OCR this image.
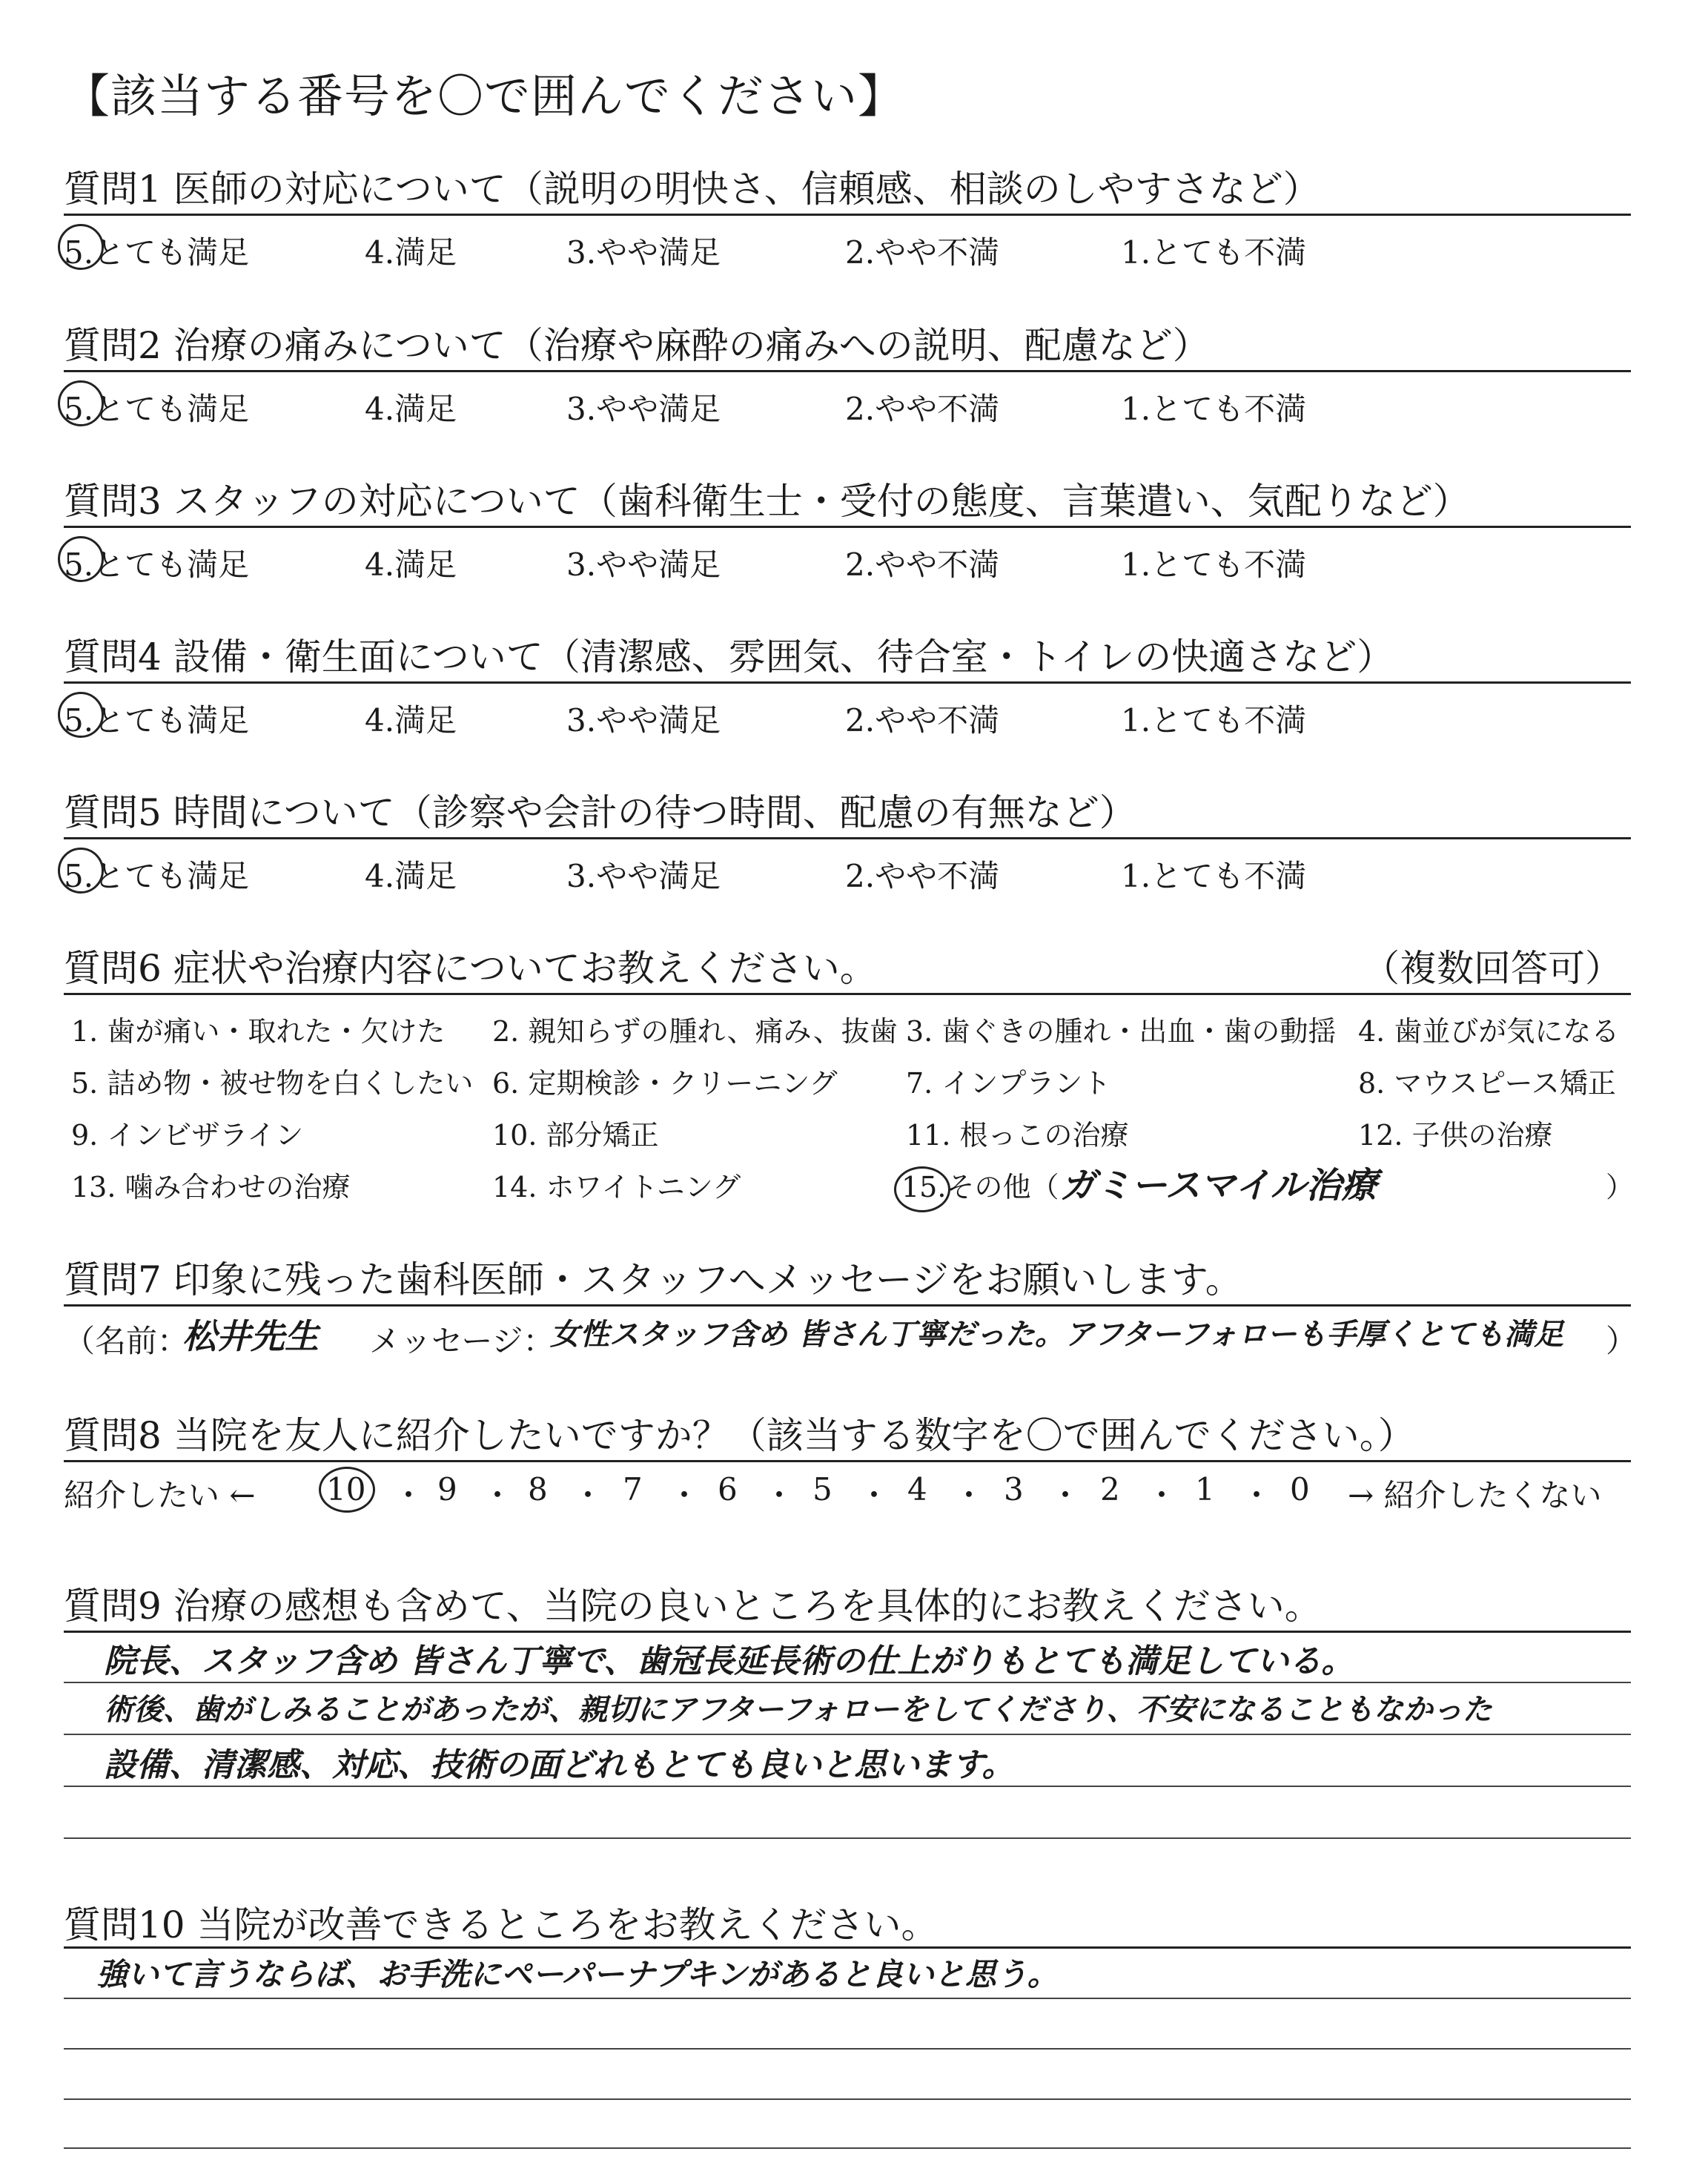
【該当する番号を〇で囲んでください】
質問1 医師の対応について（説明の明快さ、信頼感、相談のしやすさなど）
5.とても満足	4.満足	3.やや満足	2.やや不満	1.とても不満
質問2 治療の痛みについて（治療や麻酔の痛みへの説明、配慮など）
5.とても満足	4.満足	3.やや満足	2.やや不満	1.とても不満
質問3 スタッフの対応について（歯科衛生士・受付の態度、言葉遣い、気配りなど）
5.とても満足	4.満足	3.やや満足	2.やや不満	1.とても不満
質問4 設備・衛生面について（清潔感、雰囲気、待合室・トイレの快適さなど）
5.とても満足	4.満足	3.やや満足	2.やや不満	1.とても不満
質問5 時間について（診察や会計の待つ時間、配慮の有無など）
5.とても満足	4.満足	3.やや満足	2.やや不満	1.とても不満
質問6 症状や治療内容についてお教えください。	（複数回答可）
1. 歯が痛い・取れた・欠けた 2. 親知らずの腫れ、痛み、抜歯 3. 歯ぐきの腫れ・出血・歯の動揺 4. 歯並びが気になる
5. 詰め物・被せ物を白くしたい 6. 定期検診・クリーニング 7. インプラント	8. マウスピース矯正
9. インビザライン	10. 部分矯正	11. 根っこの治療	12. 子供の治療
13. 噛み合わせの治療	14. ホワイトニング	15.その他（ ガミースマイル治療	）
質問7 印象に残った歯科医師・スタッフへメッセージをお願いします。
（名前：
松井先生 メッセージ：
女性スタッフ含め 皆さん丁寧だった。アフターフォローも手厚くとても満足 ）
質問8 当院を友人に紹介したいですか？（該当する数字を〇で囲んでください。）
紹介したい ← 10 ・ 9 ・ 8 ・ 7 ・ 6 ・ 5 ・ 4 ・ 3 ・ 2 ・ 1 ・ 0 → 紹介したくない
質問9 治療の感想も含めて、当院の良いところを具体的にお教えください。
院長、スタッフ含め 皆さん丁寧で、歯冠長延長術の仕上がりもとても満足している。
術後、歯がしみることがあったが、親切にアフターフォローをしてくださり、不安になることもなかった
設備、清潔感、対応、技術の面どれもとても良いと思います。
質問10 当院が改善できるところをお教えください。
強いて言うならば、お手洗にペーパーナプキンがあると良いと思う。
